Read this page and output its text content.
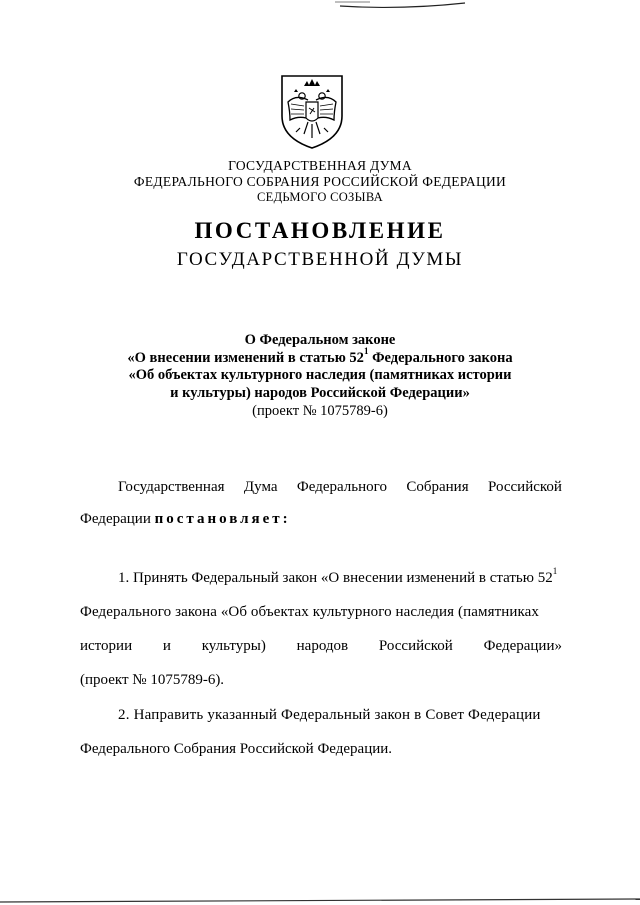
ГОСУДАРСТВЕННАЯ ДУМА
ФЕДЕРАЛЬНОГО СОБРАНИЯ РОССИЙСКОЙ ФЕДЕРАЦИИ
СЕДЬМОГО СОЗЫВА
ПОСТАНОВЛЕНИЕ
ГОСУДАРСТВЕННОЙ ДУМЫ
О Федеральном законе
«О внесении изменений в статью $52^1$ Федерального закона
«Об объектах культурного наследия (памятниках истории
и культуры) народов Российской Федерации»
(проект № 1075789-6)
Государственная Дума Федерального Собрания Российской
Федерации постановляет:
1. Принять Федеральный закон «О внесении изменений в статью $52^1$
Федерального закона «Об объектах культурного наследия (памятниках
истории и культуры) народов Российской Федерации»
(проект № 1075789-6).
2. Направить указанный Федеральный закон в Совет Федерации
Федерального Собрания Российской Федерации.
